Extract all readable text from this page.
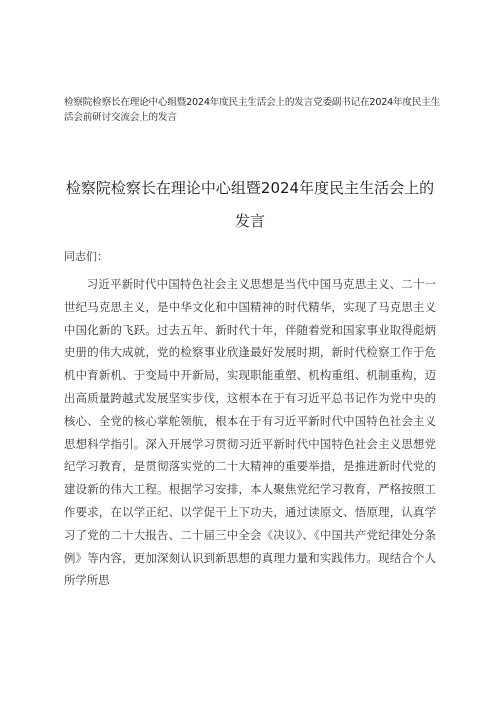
检察院检察长在理论中心组暨2024年度民主生活会上的发言党委副书记在2024年度民主生活会前研讨交流会上的发言
检察院检察长在理论中心组暨2024年度民主生活会上的发言
同志们：

习近平新时代中国特色社会主义思想是当代中国马克思主义、二十一世纪马克思主义，是中华文化和中国精神的时代精华，实现了马克思主义中国化新的飞跃。过去五年、新时代十年，伴随着党和国家事业取得彪炳史册的伟大成就，党的检察事业欣逢最好发展时期，新时代检察工作于危机中育新机、于变局中开新局，实现职能重塑、机构重组、机制重构，迈出高质量跨越式发展坚实步伐，这根本在于有习近平总书记作为党中央的核心、全党的核心掌舵领航，根本在于有习近平新时代中国特色社会主义思想科学指引。深入开展学习贯彻习近平新时代中国特色社会主义思想党纪学习教育，是贯彻落实党的二十大精神的重要举措，是推进新时代党的建设新的伟大工程。根据学习安排，本人聚焦党纪学习教育，严格按照工作要求，在以学正纪、以学促干上下功夫，通过读原文、悟原理，认真学习了党的二十大报告、二十届三中全会《决议》、《中国共产党纪律处分条例》等内容，更加深刻认识到新思想的真理力量和实践伟力。现结合个人所学所思
